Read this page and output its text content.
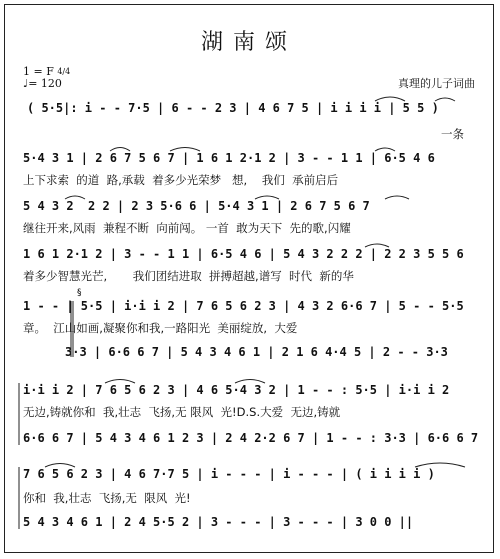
湖南颂
1 = F $^{4/4}$
♩= 120	真理的儿子词曲
( 5·5|: i - - 7·5 | 6 - - 2 3 | 4 6 7 5 | i i i i | 5 5 )
一条
5·4 3 1 | 2 6 7 5 6 7 | 1 6 1 2·1 2 | 3 - - 1 1 | 6·5 4 6
上下求索  的道  路,承载  着多少光荣梦   想,    我们  承前启后
5 4 3 2  2 2 | 2 3 5·6 6 | 5·4 3 1 | 2 6 7 5 6 7
继往开来,风雨  兼程不断  向前闯。 一首  敢为天下  先的歌,闪耀
1 6 1 2·1 2 | 3 - - 1 1 | 6·5 4 6 | 5 4 3 2 2 2 | 2 2 3 5 5 6
着多少智慧光芒,       我们团结进取  拼搏超越,谱写  时代  新的华
1 - - | 5·5 | i·i i 2 | 7 6 5 6 2 3 | 4 3 2 6·6 7 | 5 - - 5·5
章。  江山如画,凝聚你和我,一路阳光  美丽绽放,  大爱
3·3 | 6·6 6 7 | 5 4 3 4 6 1 | 2 1 6 4·4 5 | 2 - - 3·3
i·i i 2 | 7 6 5 6 2 3 | 4 6 5·4 3 2 | 1 - - : 5·5 | i·i i 2
无边,铸就你和  我,壮志  飞扬,无 限风  光!D.S.大爱  无边,铸就
6·6 6 7 | 5 4 3 4 6 1 2 3 | 2 4 2·2 6 7 | 1 - - : 3·3 | 6·6 6 7
7 6 5 6 2 3 | 4 6 7·7 5 | i - - - | i - - - | ( i i i i )
你和  我,壮志  飞扬,无  限风  光!
5 4 3 4 6 1 | 2 4 5·5 2 | 3 - - - | 3 - - - | 3 0 0 ||
§
